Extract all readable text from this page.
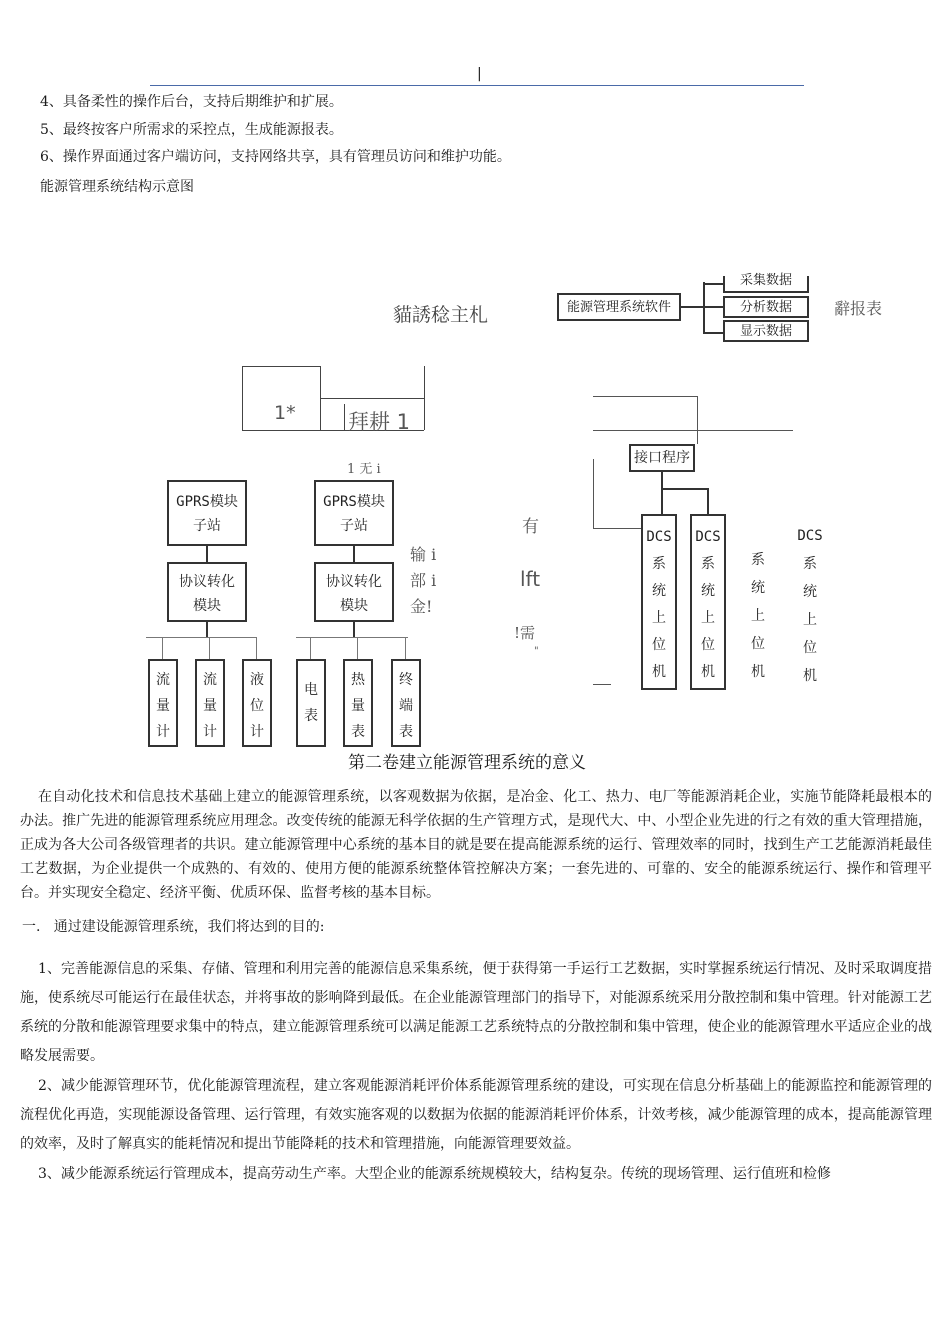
|
4、具备柔性的操作后台，支持后期维护和扩展。
5、最终按客户所需求的采控点，生成能源报表。
6、操作界面通过客户端访问，支持网络共享，具有管理员访问和维护功能。
能源管理系统结构示意图
貓誘稔主札	能源管理系统软件
采集数据
分析数据
显示数据
辭报表
1* 拜耕 1
1 无 i
GPRS模块
子站
协议转化
模块
流
量
计
流
量
计
液
位
计
GPRS模块
子站
协议转化
模块
电
表
热
量
表
终
端
表
输 i
部 i
金!
有
lft
!需
"
接口程序
DCS
系
统
上
位
机
DCS
系
统
上
位
机
系
统
上
位
机
DCS
系
统
上
位
机
第二卷建立能源管理系统的意义
在自动化技术和信息技术基础上建立的能源管理系统，以客观数据为依据，是冶金、化工、热力、电厂等能源消耗企业，实施节能降耗最根本的办法。推广先进的能源管理系统应用理念。改变传统的能源无科学依据的生产管理方式，是现代大、中、小型企业先进的行之有效的重大管理措施，正成为各大公司各级管理者的共识。建立能源管理中心系统的基本目的就是要在提高能源系统的运行、管理效率的同时，找到生产工艺能源消耗最佳工艺数据，为企业提供一个成熟的、有效的、使用方便的能源系统整体管控解决方案；一套先进的、可靠的、安全的能源系统运行、操作和管理平台。并实现安全稳定、经济平衡、优质环保、监督考核的基本目标。
一.   通过建设能源管理系统，我们将达到的目的:
1、完善能源信息的采集、存储、管理和利用完善的能源信息采集系统，便于获得第一手运行工艺数据，实时掌握系统运行情况、及时采取调度措施，使系统尽可能运行在最佳状态，并将事故的影响降到最低。在企业能源管理部门的指导下，对能源系统采用分散控制和集中管理。针对能源工艺系统的分散和能源管理要求集中的特点，建立能源管理系统可以满足能源工艺系统特点的分散控制和集中管理，使企业的能源管理水平适应企业的战略发展需要。
2、减少能源管理环节，优化能源管理流程，建立客观能源消耗评价体系能源管理系统的建设，可实现在信息分析基础上的能源监控和能源管理的流程优化再造，实现能源设备管理、运行管理，有效实施客观的以数据为依据的能源消耗评价体系，计效考核，减少能源管理的成本，提高能源管理的效率，及时了解真实的能耗情况和提出节能降耗的技术和管理措施，向能源管理要效益。
3、减少能源系统运行管理成本，提高劳动生产率。大型企业的能源系统规模较大，结构复杂。传统的现场管理、运行值班和检修
